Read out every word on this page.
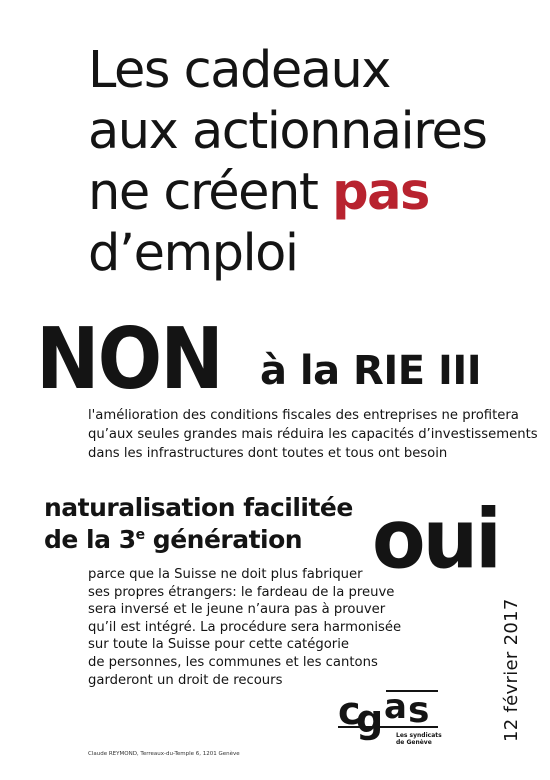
Les cadeaux
aux actionnaires
ne créent pas
d’emploi
NON à la RIE III
l'amélioration des conditions fiscales des entreprises ne profitera
qu’aux seules grandes mais réduira les capacités d’investissements
dans les infrastructures dont toutes et tous ont besoin
naturalisation facilitée
de la 3e génération oui
parce que la Suisse ne doit plus fabriquer
ses propres étrangers: le fardeau de la preuve
sera inversé et le jeune n’aura pas à prouver
qu’il est intégré. La procédure sera harmonisée
sur toute la Suisse pour cette catégorie
de personnes, les communes et les cantons
garderont un droit de recours	12 février 2017
c
g a s
Les syndicats
de Genève
Claude REYMOND, Terreaux-du-Temple 6, 1201 Genève
